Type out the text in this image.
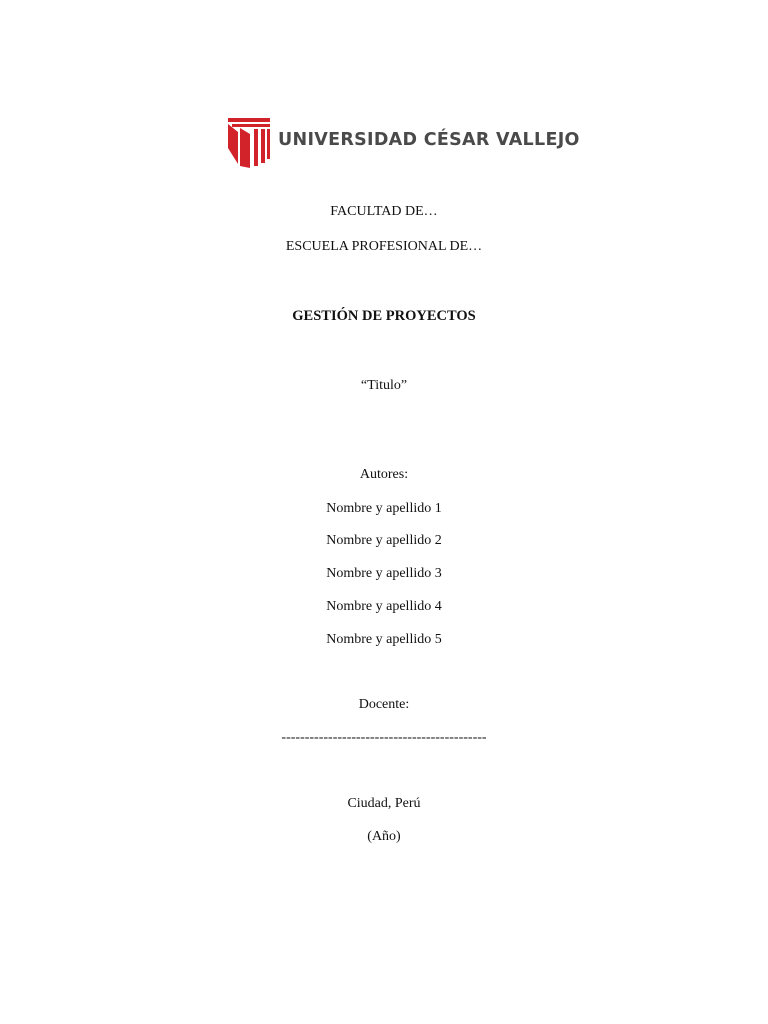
UNIVERSIDAD CÉSAR VALLEJO
FACULTAD DE…
ESCUELA PROFESIONAL DE…
GESTIÓN DE PROYECTOS
“Titulo”
Autores:
Nombre y apellido 1
Nombre y apellido 2
Nombre y apellido 3
Nombre y apellido 4
Nombre y apellido 5
Docente:
--------------------------------------------
Ciudad, Perú
(Año)
